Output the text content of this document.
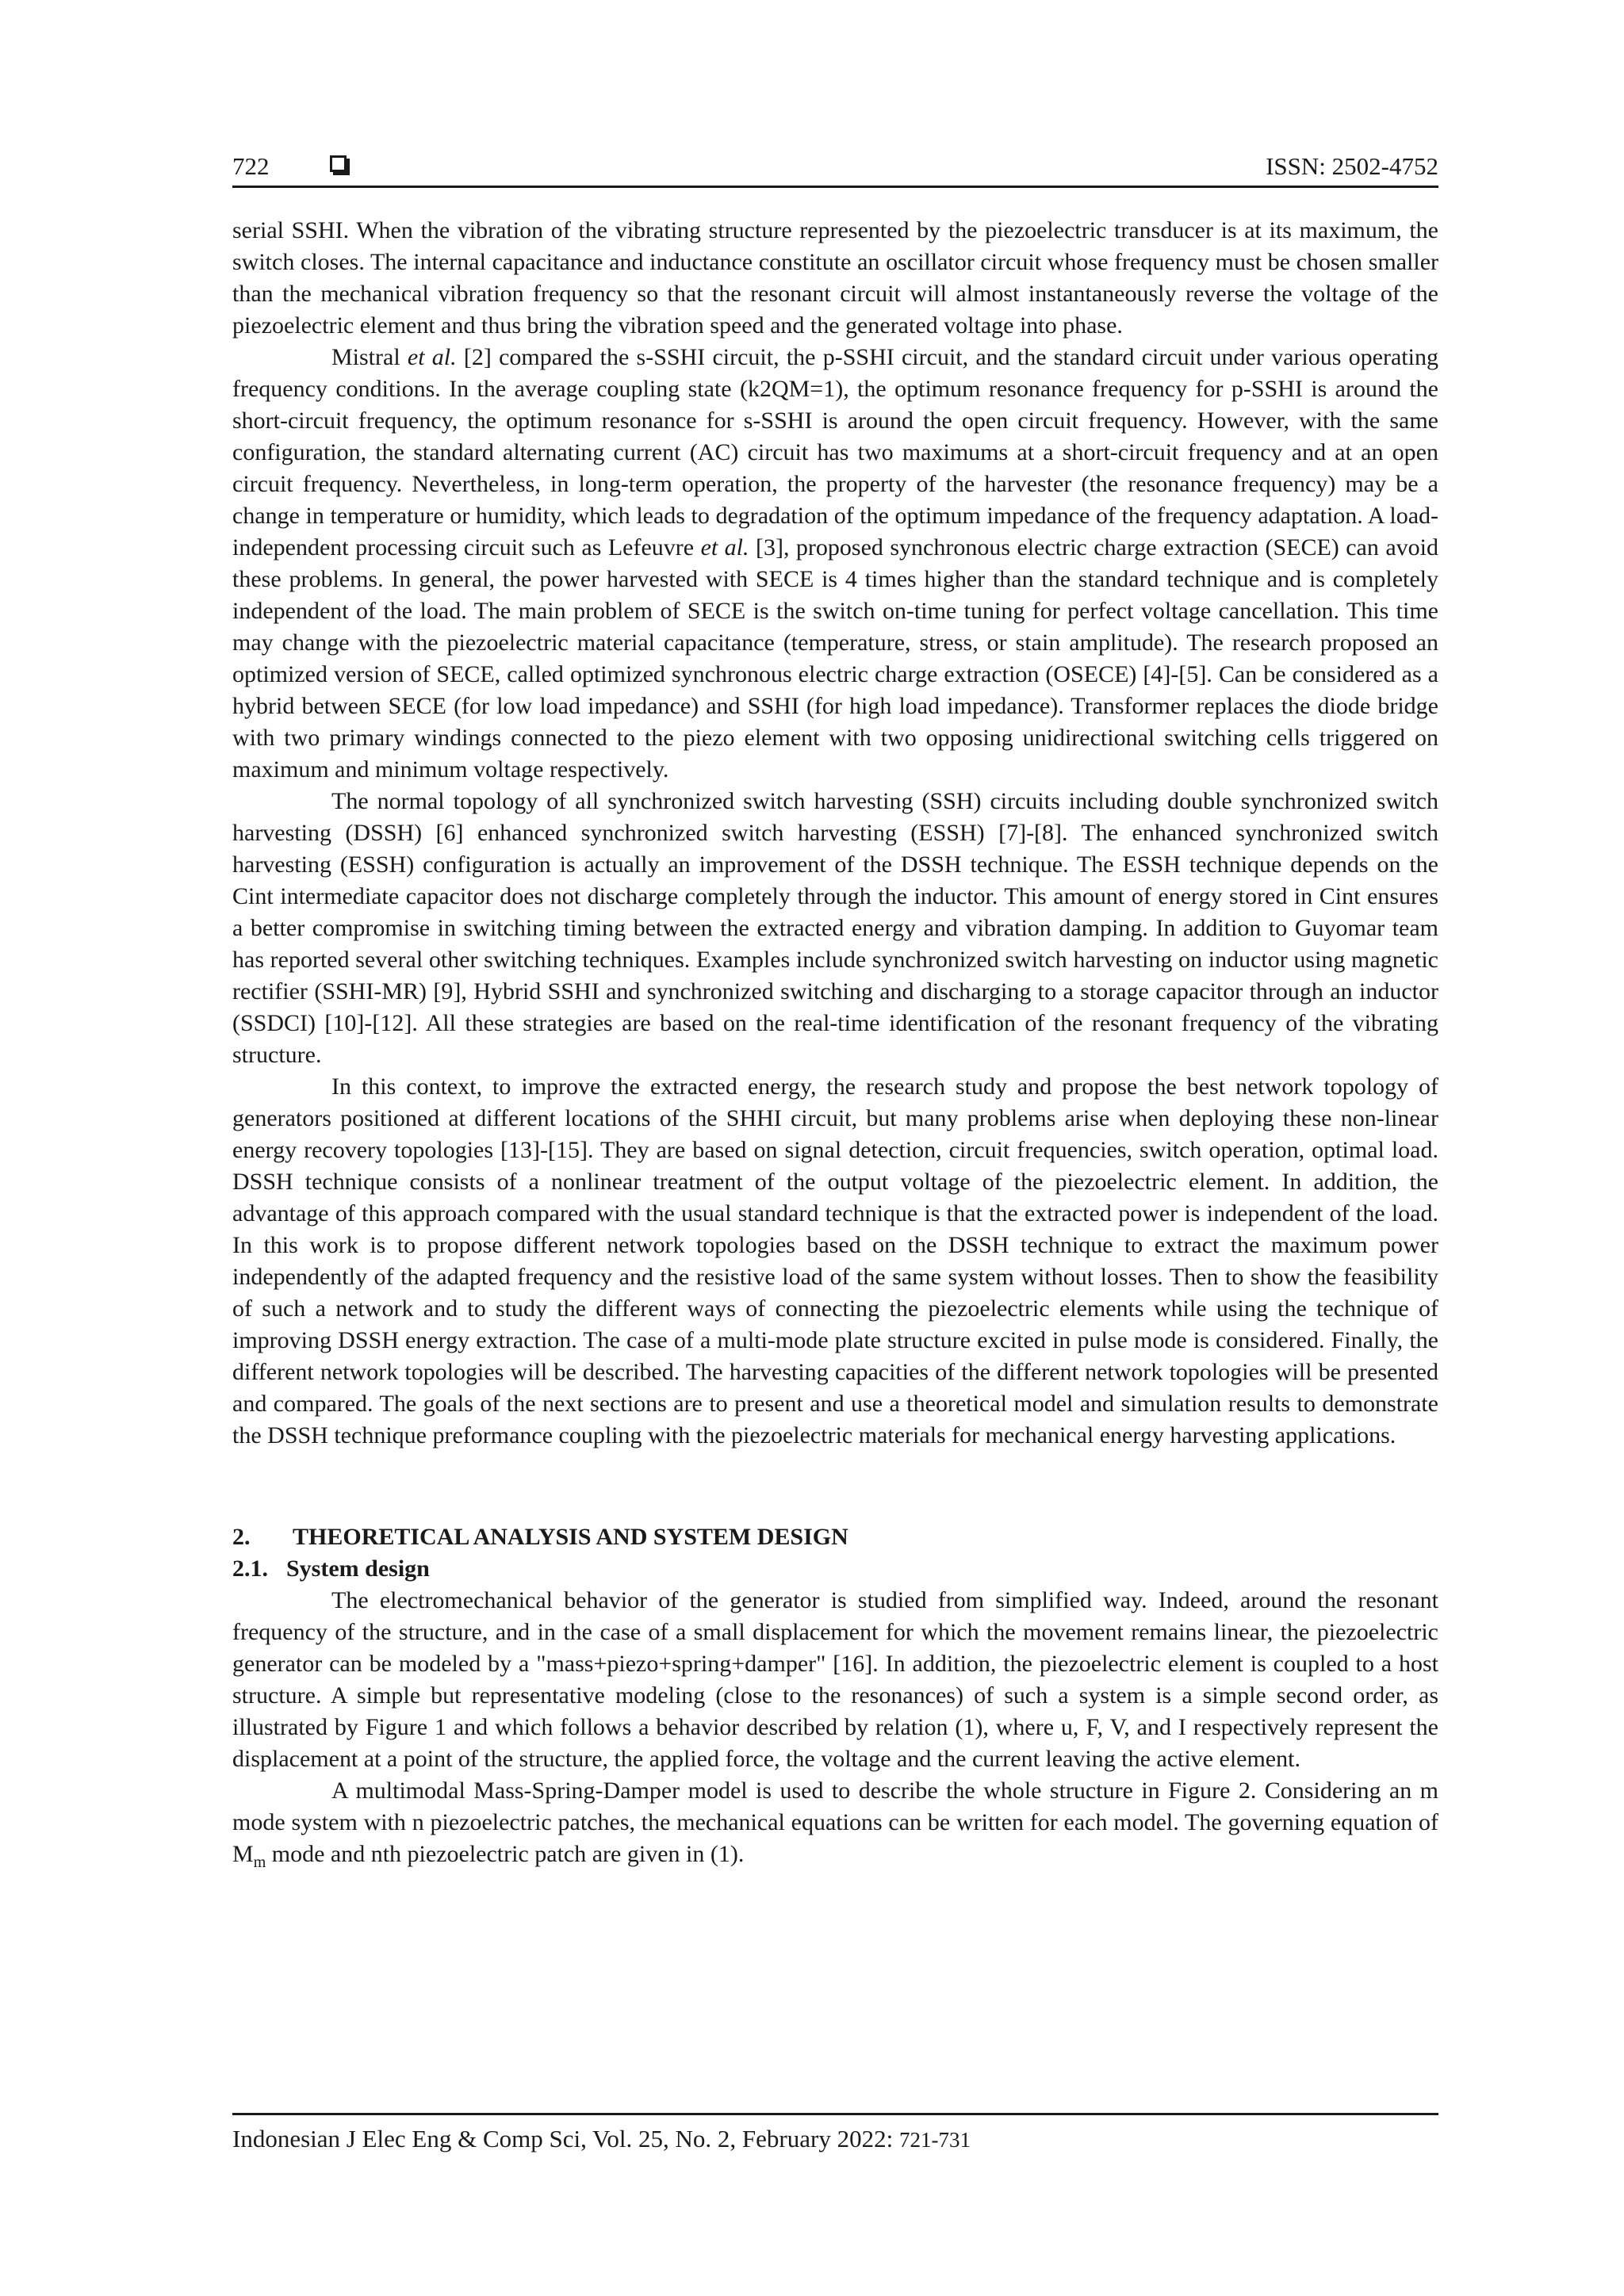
722	ISSN: 2502-4752

serial SSHI. When the vibration of the vibrating structure represented by the piezoelectric transducer is at its maximum, the switch closes. The internal capacitance and inductance constitute an oscillator circuit whose frequency must be chosen smaller than the mechanical vibration frequency so that the resonant circuit will almost instantaneously reverse the voltage of the piezoelectric element and thus bring the vibration speed and the generated voltage into phase.

Mistral et al. [2] compared the s-SSHI circuit, the p-SSHI circuit, and the standard circuit under various operating frequency conditions. In the average coupling state (k2QM=1), the optimum resonance frequency for p-SSHI is around the short-circuit frequency, the optimum resonance for s-SSHI is around the open circuit frequency. However, with the same configuration, the standard alternating current (AC) circuit has two maximums at a short-circuit frequency and at an open circuit frequency. Nevertheless, in long-term operation, the property of the harvester (the resonance frequency) may be a change in temperature or humidity, which leads to degradation of the optimum impedance of the frequency adaptation. A load-independent processing circuit such as Lefeuvre et al. [3], proposed synchronous electric charge extraction (SECE) can avoid these problems. In general, the power harvested with SECE is 4 times higher than the standard technique and is completely independent of the load. The main problem of SECE is the switch on-time tuning for perfect voltage cancellation. This time may change with the piezoelectric material capacitance (temperature, stress, or stain amplitude). The research proposed an optimized version of SECE, called optimized synchronous electric charge extraction (OSECE) [4]-[5]. Can be considered as a hybrid between SECE (for low load impedance) and SSHI (for high load impedance). Transformer replaces the diode bridge with two primary windings connected to the piezo element with two opposing unidirectional switching cells triggered on maximum and minimum voltage respectively.

The normal topology of all synchronized switch harvesting (SSH) circuits including double synchronized switch harvesting (DSSH) [6] enhanced synchronized switch harvesting (ESSH) [7]-[8]. The enhanced synchronized switch harvesting (ESSH) configuration is actually an improvement of the DSSH technique. The ESSH technique depends on the Cint intermediate capacitor does not discharge completely through the inductor. This amount of energy stored in Cint ensures a better compromise in switching timing between the extracted energy and vibration damping. In addition to Guyomar team has reported several other switching techniques. Examples include synchronized switch harvesting on inductor using magnetic rectifier (SSHI-MR) [9], Hybrid SSHI and synchronized switching and discharging to a storage capacitor through an inductor (SSDCI) [10]-[12]. All these strategies are based on the real-time identification of the resonant frequency of the vibrating structure.

In this context, to improve the extracted energy, the research study and propose the best network topology of generators positioned at different locations of the SHHI circuit, but many problems arise when deploying these non-linear energy recovery topologies [13]-[15]. They are based on signal detection, circuit frequencies, switch operation, optimal load. DSSH technique consists of a nonlinear treatment of the output voltage of the piezoelectric element. In addition, the advantage of this approach compared with the usual standard technique is that the extracted power is independent of the load. In this work is to propose different network topologies based on the DSSH technique to extract the maximum power independently of the adapted frequency and the resistive load of the same system without losses. Then to show the feasibility of such a network and to study the different ways of connecting the piezoelectric elements while using the technique of improving DSSH energy extraction. The case of a multi-mode plate structure excited in pulse mode is considered. Finally, the different network topologies will be described. The harvesting capacities of the different network topologies will be presented and compared. The goals of the next sections are to present and use a theoretical model and simulation results to demonstrate the DSSH technique preformance coupling with the piezoelectric materials for mechanical energy harvesting applications.

2.	THEORETICAL ANALYSIS AND SYSTEM DESIGN
2.1. System design

The electromechanical behavior of the generator is studied from simplified way. Indeed, around the resonant frequency of the structure, and in the case of a small displacement for which the movement remains linear, the piezoelectric generator can be modeled by a "mass+piezo+spring+damper" [16]. In addition, the piezoelectric element is coupled to a host structure. A simple but representative modeling (close to the resonances) of such a system is a simple second order, as illustrated by Figure 1 and which follows a behavior described by relation (1), where u, F, V, and I respectively represent the displacement at a point of the structure, the applied force, the voltage and the current leaving the active element.

A multimodal Mass-Spring-Damper model is used to describe the whole structure in Figure 2. Considering an m mode system with n piezoelectric patches, the mechanical equations can be written for each model. The governing equation of $M_m$ mode and nth piezoelectric patch are given in (1).

Indonesian J Elec Eng & Comp Sci, Vol. 25, No. 2, February 2022: 721-731
